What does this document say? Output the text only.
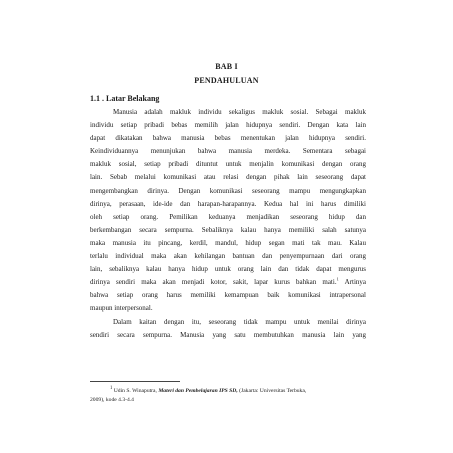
BAB I
PENDAHULUAN
1.1 . Latar Belakang
Manusia adalah makluk individu sekaligus makluk sosial. Sebagai makluk
individu setiap pribadi bebas memilih jalan hidupnya sendiri. Dengan kata lain
dapat dikatakan bahwa manusia bebas menentukan jalan hidupnya sendiri.
Keindividuannya menunjukan bahwa manusia merdeka. Sementara sebagai
makluk sosial, setiap pribadi dituntut untuk menjalin komunikasi dengan orang
lain. Sebab melalui komunikasi atau relasi dengan pihak lain seseorang dapat
mengembangkan dirinya. Dengan komunikasi seseorang mampu mengungkapkan
dirinya, perasaan, ide-ide dan harapan-harapannya. Kedua hal ini harus dimiliki
oleh setiap orang. Pemilikan keduanya menjadikan seseorang hidup dan
berkembangan secara sempurna. Sebaliknya kalau hanya memiliki salah satunya
maka manusia itu pincang, kerdil, mandul, hidup segan mati tak mau. Kalau
terlalu individual maka akan kehilangan bantuan dan penyempurnaan dari orang
lain, sebaliknya kalau hanya hidup untuk orang lain dan tidak dapat mengurus
dirinya sendiri maka akan menjadi kotor, sakit, lapar kurus bahkan mati.$^1$ Artinya
bahwa setiap orang harus memiliki kemampuan baik komunikasi intrapersonal
maupun interpersonal.
Dalam kaitan dengan itu, seseorang tidak mampu untuk menilai dirinya
sendiri secara sempurna. Manusia yang satu membutuhkan manusia lain yang
$^1$ Udin S. Winaputra, Materi dan Pembelajaran IPS SD, (Jakarta: Universitas Terbuka,
2009), kode 4.3-4.4
